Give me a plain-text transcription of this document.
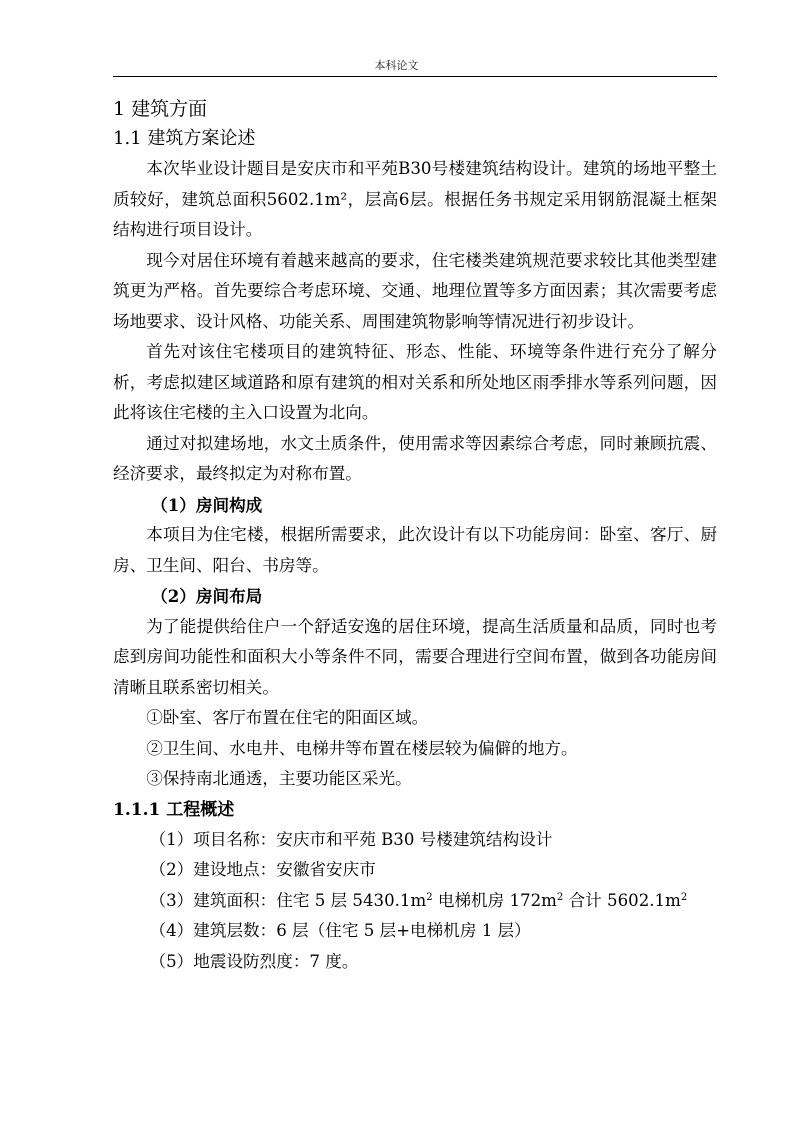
本科论文
1 建筑方面
1.1 建筑方案论述

本次毕业设计题目是安庆市和平苑B30号楼建筑结构设计。建筑的场地平整土质较好，建筑总面积5602.1m²，层高6层。根据任务书规定采用钢筋混凝土框架结构进行项目设计。

现今对居住环境有着越来越高的要求，住宅楼类建筑规范要求较比其他类型建筑更为严格。首先要综合考虑环境、交通、地理位置等多方面因素；其次需要考虑场地要求、设计风格、功能关系、周围建筑物影响等情况进行初步设计。

首先对该住宅楼项目的建筑特征、形态、性能、环境等条件进行充分了解分析，考虑拟建区域道路和原有建筑的相对关系和所处地区雨季排水等系列问题，因此将该住宅楼的主入口设置为北向。

通过对拟建场地，水文土质条件，使用需求等因素综合考虑，同时兼顾抗震、经济要求，最终拟定为对称布置。

（1）房间构成

本项目为住宅楼，根据所需要求，此次设计有以下功能房间：卧室、客厅、厨房、卫生间、阳台、书房等。

（2）房间布局

为了能提供给住户一个舒适安逸的居住环境，提高生活质量和品质，同时也考虑到房间功能性和面积大小等条件不同，需要合理进行空间布置，做到各功能房间清晰且联系密切相关。

①卧室、客厅布置在住宅的阳面区域。

②卫生间、水电井、电梯井等布置在楼层较为偏僻的地方。

③保持南北通透，主要功能区采光。

1.1.1 工程概述

（1）项目名称：安庆市和平苑 B30 号楼建筑结构设计

（2）建设地点：安徽省安庆市

（3）建筑面积：住宅 5 层 $5430.1m^2$ 电梯机房 $172m^2$ 合计 $5602.1m^2$

（4）建筑层数：6 层（住宅 5 层+电梯机房 1 层）

（5）地震设防烈度：7 度。
